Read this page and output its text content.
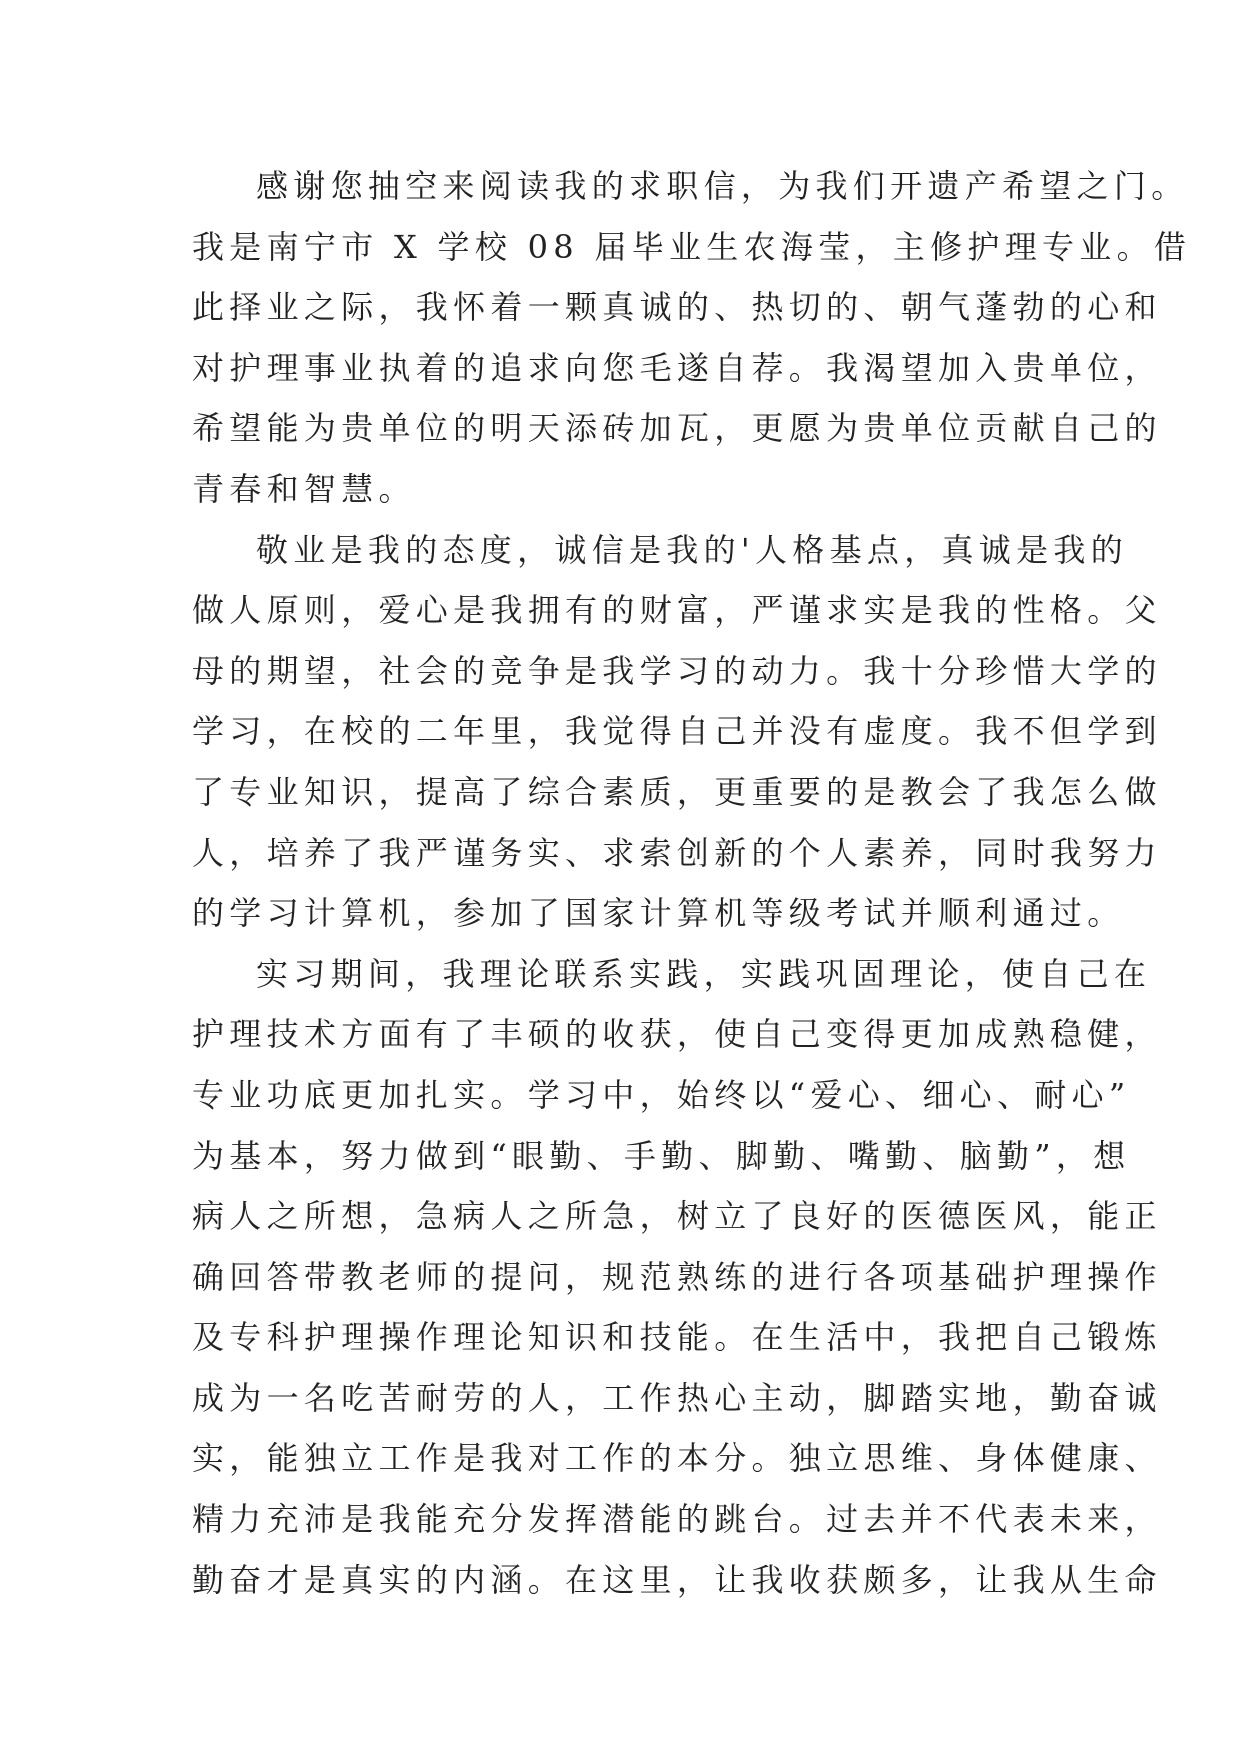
感谢您抽空来阅读我的求职信，为我们开遗产希望之门。
我是南宁市 X 学校 08 届毕业生农海莹，主修护理专业。借
此择业之际，我怀着一颗真诚的、热切的、朝气蓬勃的心和
对护理事业执着的追求向您毛遂自荐。我渴望加入贵单位，
希望能为贵单位的明天添砖加瓦，更愿为贵单位贡献自己的
青春和智慧。
敬业是我的态度，诚信是我的'人格基点，真诚是我的
做人原则，爱心是我拥有的财富，严谨求实是我的性格。父
母的期望，社会的竞争是我学习的动力。我十分珍惜大学的
学习，在校的二年里，我觉得自己并没有虚度。我不但学到
了专业知识，提高了综合素质，更重要的是教会了我怎么做
人，培养了我严谨务实、求索创新的个人素养，同时我努力
的学习计算机，参加了国家计算机等级考试并顺利通过。
实习期间，我理论联系实践，实践巩固理论，使自己在
护理技术方面有了丰硕的收获，使自己变得更加成熟稳健，
专业功底更加扎实。学习中，始终以“爱心、细心、耐心”
为基本，努力做到“眼勤、手勤、脚勤、嘴勤、脑勤”，想
病人之所想，急病人之所急，树立了良好的医德医风，能正
确回答带教老师的提问，规范熟练的进行各项基础护理操作
及专科护理操作理论知识和技能。在生活中，我把自己锻炼
成为一名吃苦耐劳的人，工作热心主动，脚踏实地，勤奋诚
实，能独立工作是我对工作的本分。独立思维、身体健康、
精力充沛是我能充分发挥潜能的跳台。过去并不代表未来，
勤奋才是真实的内涵。在这里，让我收获颇多，让我从生命
